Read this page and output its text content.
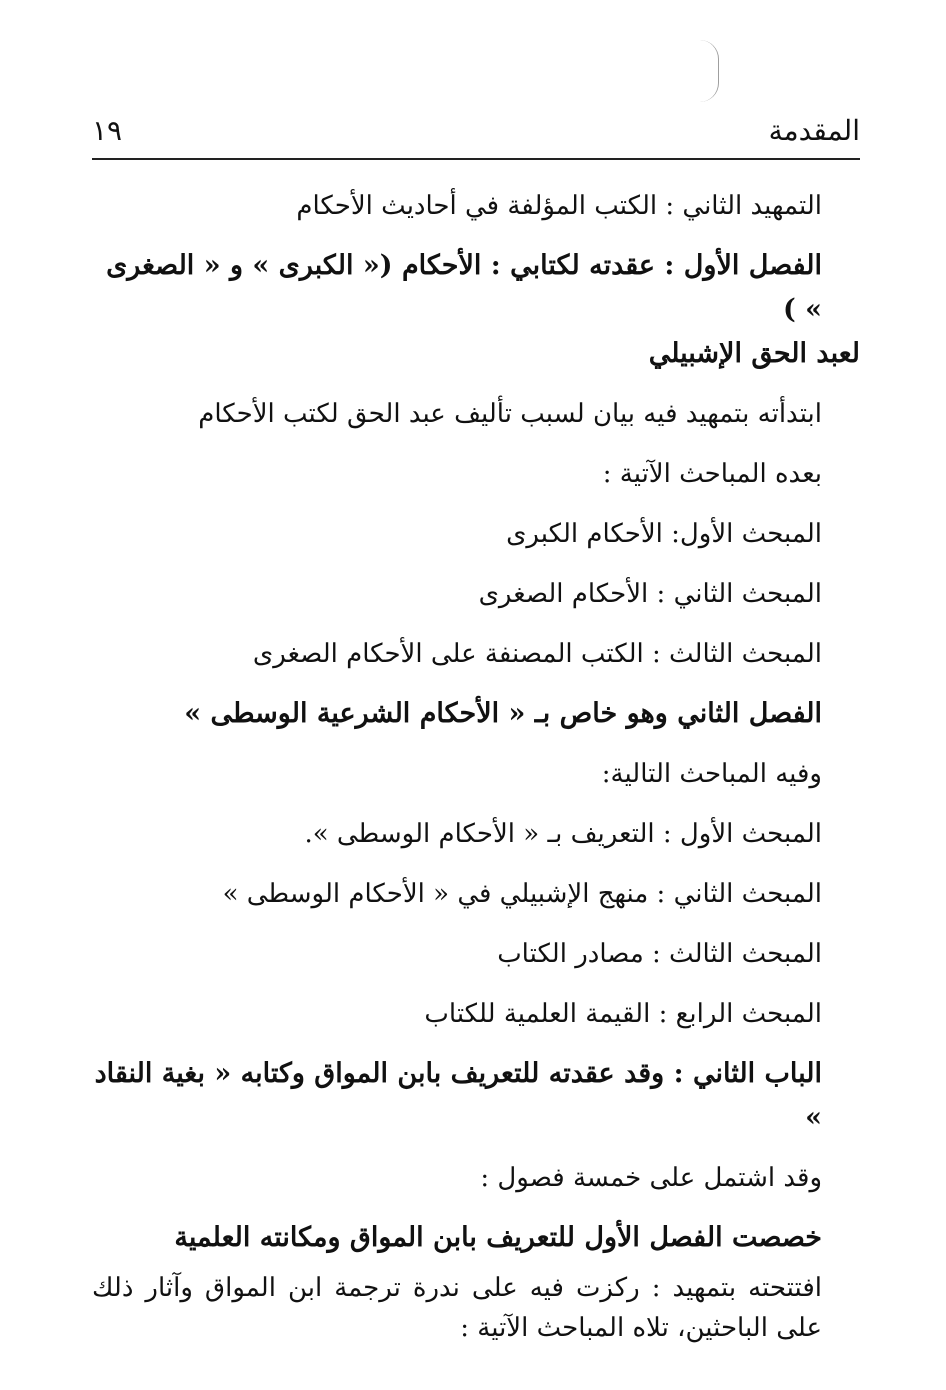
المقدمة
١٩
التمهيد الثاني : الكتب المؤلفة في أحاديث الأحكام
الفصل الأول : عقدته لكتابي : الأحكام (« الكبرى » و « الصغرى » )
لعبد الحق الإشبيلي
ابتدأته بتمهيد فيه بيان لسبب تأليف عبد الحق لكتب الأحكام
بعده المباحث الآتية :
المبحث الأول: الأحكام الكبرى
المبحث الثاني : الأحكام الصغرى
المبحث الثالث : الكتب المصنفة على الأحكام الصغرى
الفصل الثاني وهو خاص بـ « الأحكام الشرعية الوسطى »
وفيه المباحث التالية:
المبحث الأول : التعريف بـ « الأحكام الوسطى ».
المبحث الثاني : منهج الإشبيلي في « الأحكام الوسطى »
المبحث الثالث : مصادر الكتاب
المبحث الرابع : القيمة العلمية للكتاب
الباب الثاني : وقد عقدته للتعريف بابن المواق وكتابه « بغية النقاد »
وقد اشتمل على خمسة فصول :
خصصت الفصل الأول للتعريف بابن المواق ومكانته العلمية
افتتحته بتمهيد : ركزت فيه على ندرة ترجمة ابن المواق وآثار ذلك على الباحثين، تلاه المباحث الآتية :
